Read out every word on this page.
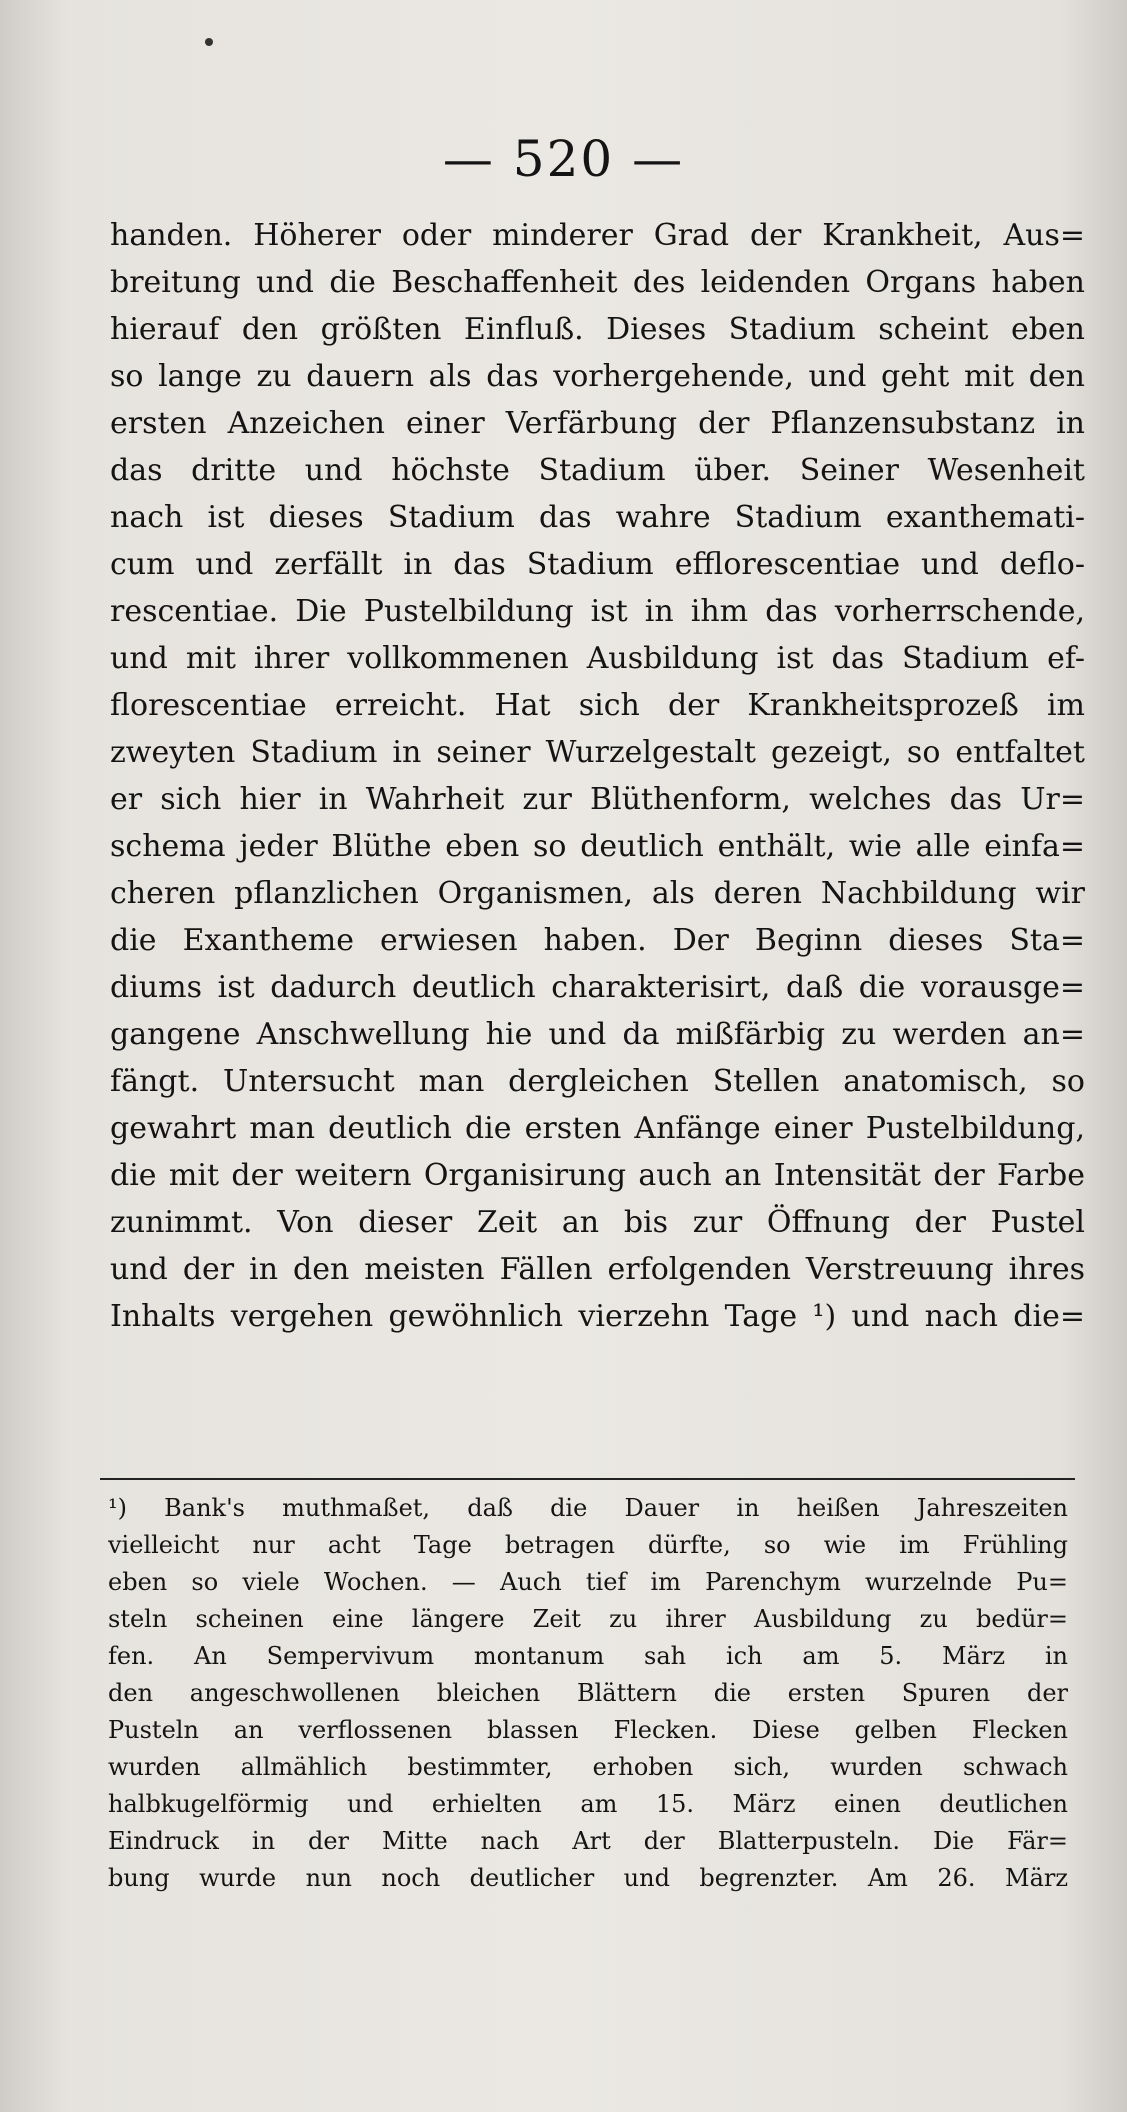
— 520 —
handen. Höherer oder minderer Grad der Krankheit, Aus=
breitung und die Beschaffenheit des leidenden Organs haben
hierauf den größten Einfluß. Dieses Stadium scheint eben
so lange zu dauern als das vorhergehende, und geht mit den
ersten Anzeichen einer Verfärbung der Pflanzensubstanz in
das dritte und höchste Stadium über. Seiner Wesenheit
nach ist dieses Stadium das wahre Stadium exanthemati-
cum und zerfällt in das Stadium efflorescentiae und deflo-
rescentiae. Die Pustelbildung ist in ihm das vorherrschende,
und mit ihrer vollkommenen Ausbildung ist das Stadium ef-
florescentiae erreicht. Hat sich der Krankheitsprozeß im
zweyten Stadium in seiner Wurzelgestalt gezeigt, so entfaltet
er sich hier in Wahrheit zur Blüthenform, welches das Ur=
schema jeder Blüthe eben so deutlich enthält, wie alle einfa=
cheren pflanzlichen Organismen, als deren Nachbildung wir
die Exantheme erwiesen haben. Der Beginn dieses Sta=
diums ist dadurch deutlich charakterisirt, daß die vorausge=
gangene Anschwellung hie und da mißfärbig zu werden an=
fängt. Untersucht man dergleichen Stellen anatomisch, so
gewahrt man deutlich die ersten Anfänge einer Pustelbildung,
die mit der weitern Organisirung auch an Intensität der Farbe
zunimmt. Von dieser Zeit an bis zur Öffnung der Pustel
und der in den meisten Fällen erfolgenden Verstreuung ihres
Inhalts vergehen gewöhnlich vierzehn Tage ¹) und nach die=
¹) Bank's muthmaßet, daß die Dauer in heißen Jahreszeiten
vielleicht nur acht Tage betragen dürfte, so wie im Frühling
eben so viele Wochen. — Auch tief im Parenchym wurzelnde Pu=
steln scheinen eine längere Zeit zu ihrer Ausbildung zu bedür=
fen. An Sempervivum montanum sah ich am 5. März in
den angeschwollenen bleichen Blättern die ersten Spuren der
Pusteln an verflossenen blassen Flecken. Diese gelben Flecken
wurden allmählich bestimmter, erhoben sich, wurden schwach
halbkugelförmig und erhielten am 15. März einen deutlichen
Eindruck in der Mitte nach Art der Blatterpusteln. Die Fär=
bung wurde nun noch deutlicher und begrenzter. Am 26. März
